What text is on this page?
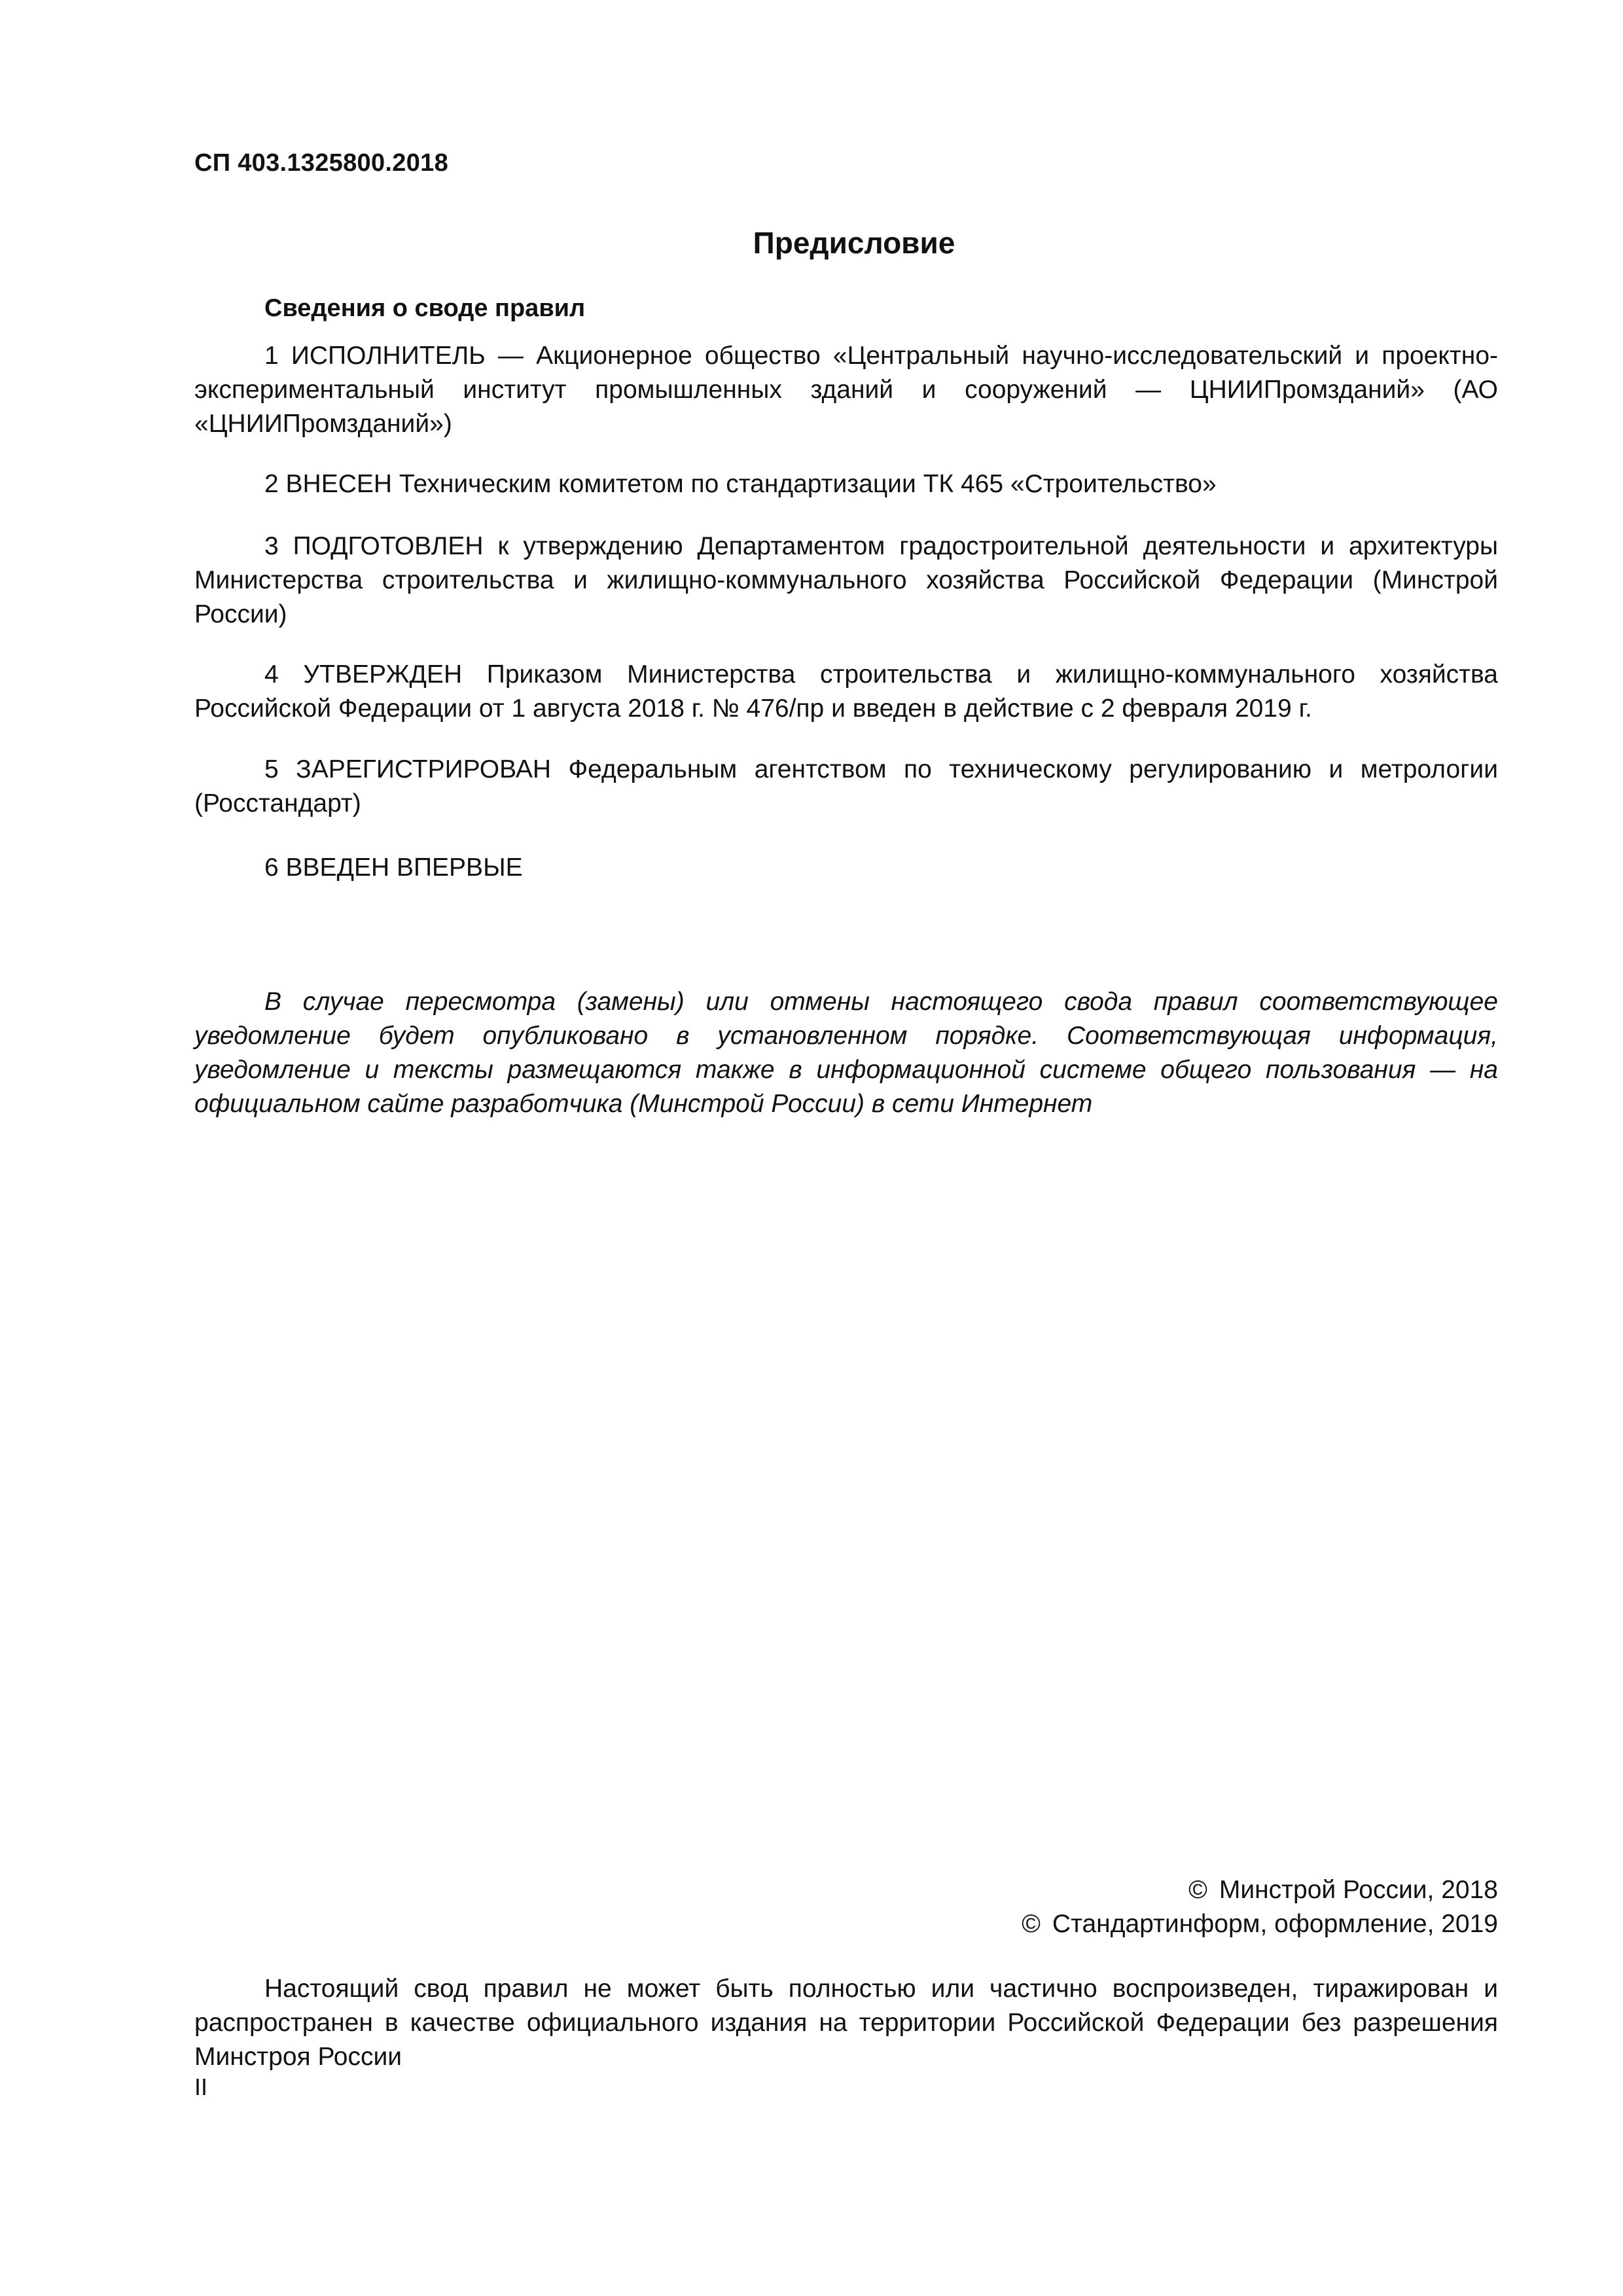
СП 403.1325800.2018
Предисловие
Сведения о своде правил

1 ИСПОЛНИТЕЛЬ — Акционерное общество «Центральный научно-исследовательский и проектно-экспериментальный институт промышленных зданий и сооружений — ЦНИИПромзданий» (АО «ЦНИИПромзданий»)

2 ВНЕСЕН Техническим комитетом по стандартизации ТК 465 «Строительство»

3 ПОДГОТОВЛЕН к утверждению Департаментом градостроительной деятельности и архитектуры Министерства строительства и жилищно-коммунального хозяйства Российской Федерации (Минстрой России)

4 УТВЕРЖДЕН Приказом Министерства строительства и жилищно-коммунального хозяйства Российской Федерации от 1 августа 2018 г. № 476/пр и введен в действие с 2 февраля 2019 г.

5 ЗАРЕГИСТРИРОВАН Федеральным агентством по техническому регулированию и метрологии (Росстандарт)

6 ВВЕДЕН ВПЕРВЫЕ

В случае пересмотра (замены) или отмены настоящего свода правил соответствующее уведомление будет опубликовано в установленном порядке. Соответствующая информация, уведомление и тексты размещаются также в информационной системе общего пользования — на официальном сайте разработчика (Минстрой России) в сети Интернет

© Минстрой России, 2018
© Стандартинформ, оформление, 2019

Настоящий свод правил не может быть полностью или частично воспроизведен, тиражирован и распространен в качестве официального издания на территории Российской Федерации без разрешения Минстроя России

II
